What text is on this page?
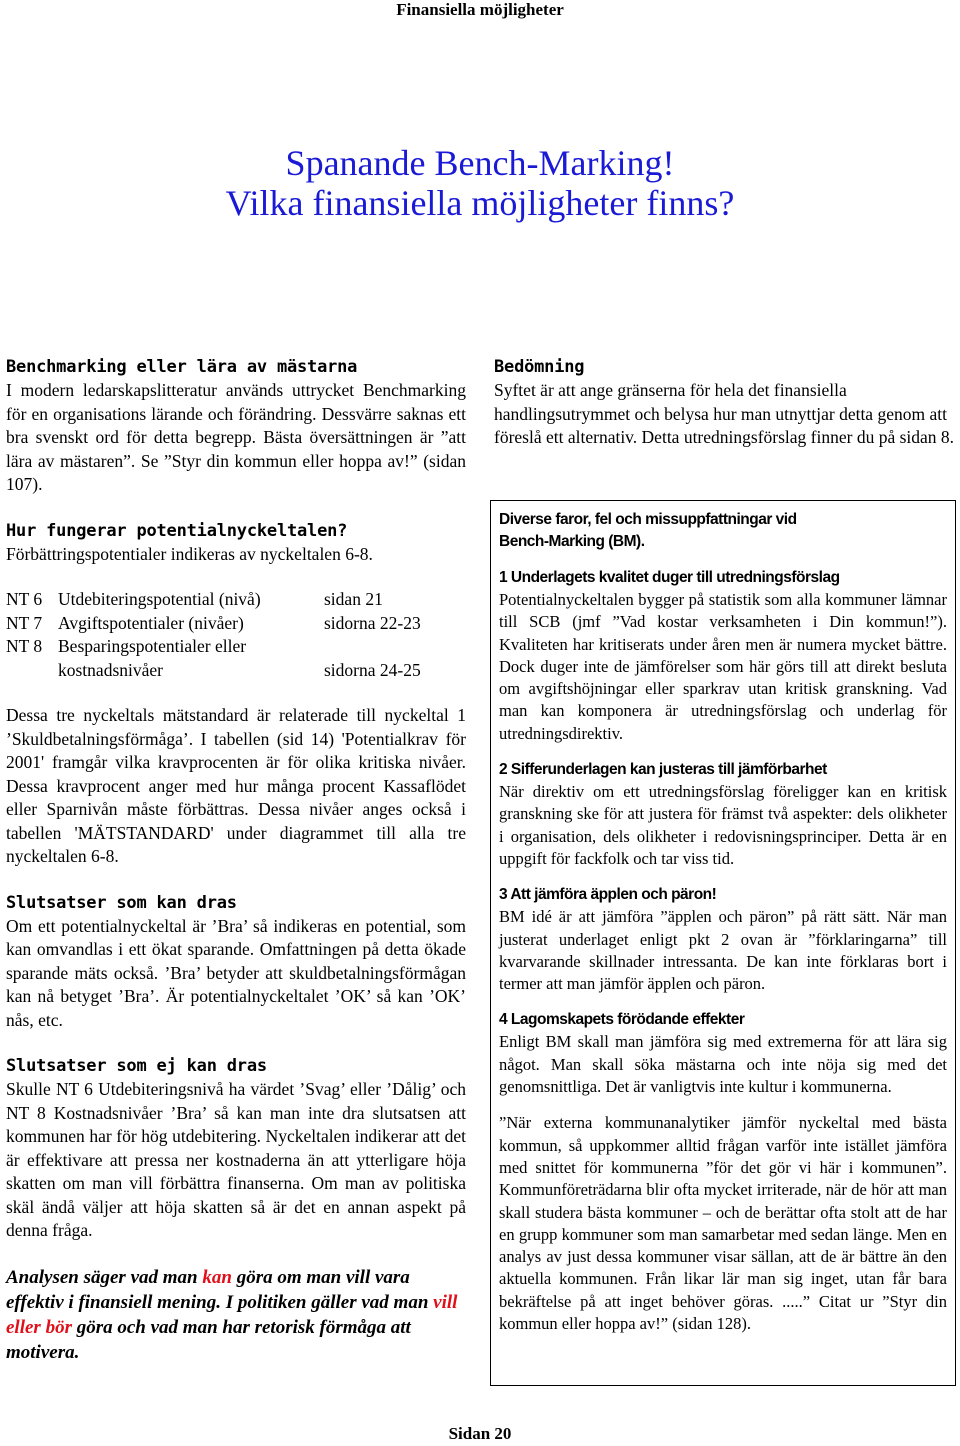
Finansiella möjligheter
Spanande Bench-Marking!
Vilka finansiella möjligheter finns?
Benchmarking eller lära av mästarna

I modern ledarskapslitteratur används uttrycket Benchmarking för en organisations lärande och förändring. Dessvärre saknas ett bra svenskt ord för detta begrepp. Bästa översättningen är ”att lära av mästaren”. Se ”Styr din kommun eller hoppa av!” (sidan 107).

Hur fungerar potentialnyckeltalen?

Förbättringspotentialer indikeras av nyckeltalen 6-8.

NT 6	Utdebiteringspotential (nivå)	sidan 21
NT 7	Avgiftspotentialer (nivåer)	sidorna 22-23
NT 8	Besparingspotentialer eller	
	kostnadsnivåer	sidorna 24-25

Dessa tre nyckeltals mätstandard är relaterade till nyckeltal 1 ’Skuldbetalningsförmåga’. I tabellen (sid 14) 'Potentialkrav för 2001' framgår vilka kravprocenten är för olika kritiska nivåer. Dessa kravprocent anger med hur många procent Kassaflödet eller Sparnivån måste förbättras. Dessa nivåer anges också i tabellen 'MÄTSTANDARD' under diagrammet till alla tre nyckeltalen 6-8.

Slutsatser som kan dras

Om ett potentialnyckeltal är ’Bra’ så indikeras en potential, som kan omvandlas i ett ökat sparande. Omfattningen på detta ökade sparande mäts också. ’Bra’ betyder att skuldbetalningsförmågan kan nå betyget ’Bra’. Är potentialnyckeltalet ’OK’ så kan ’OK’ nås, etc.

Slutsatser som ej kan dras

Skulle NT 6 Utdebiteringsnivå ha värdet ’Svag’ eller ’Dålig’ och NT 8 Kostnadsnivåer ’Bra’ så kan man inte dra slutsatsen att kommunen har för hög utdebitering. Nyckeltalen indikerar att det är effektivare att pressa ner kostnaderna än att ytterligare höja skatten om man vill förbättra finanserna. Om man av politiska skäl ändå väljer att höja skatten så är det en annan aspekt på denna fråga.

Analysen säger vad man kan göra om man vill vara effektiv i finansiell mening. I politiken gäller vad man vill eller bör göra och vad man har retorisk förmåga att motivera.

Bedömning

Syftet är att ange gränserna för hela det finansiella handlingsutrymmet och belysa hur man utnyttjar detta genom att föreslå ett alternativ. Detta utredningsförslag finner du på sidan 8.

Diverse faror, fel och missuppfattningar vid Bench-Marking (BM).

1 Underlagets kvalitet duger till utredningsförslag

Potentialnyckeltalen bygger på statistik som alla kommuner lämnar till SCB (jmf ”Vad kostar verksamheten i Din kommun!”). Kvaliteten har kritiserats under åren men är numera mycket bättre. Dock duger inte de jämförelser som här görs till att direkt besluta om avgiftshöjningar eller sparkrav utan kritisk granskning. Vad man kan komponera är utredningsförslag och underlag för utredningsdirektiv.

2 Sifferunderlagen kan justeras till jämförbarhet

När direktiv om ett utredningsförslag föreligger kan en kritisk granskning ske för att justera för främst två aspekter: dels olikheter i organisation, dels olikheter i redovisningsprinciper. Detta är en uppgift för fackfolk och tar viss tid.

3 Att jämföra äpplen och päron!

BM idé är att jämföra ”äpplen och päron” på rätt sätt. När man justerat underlaget enligt pkt 2 ovan är ”förklaringarna” till kvarvarande skillnader intressanta. De kan inte förklaras bort i termer att man jämför äpplen och päron.

4 Lagomskapets förödande effekter

Enligt BM skall man jämföra sig med extremerna för att lära sig något. Man skall söka mästarna och inte nöja sig med det genomsnittliga. Det är vanligtvis inte kultur i kommunerna.

”När externa kommunanalytiker jämför nyckeltal med bästa kommun, så uppkommer alltid frågan varför inte istället jämföra med snittet för kommunerna ”för det gör vi här i kommunen”. Kommunföreträdarna blir ofta mycket irriterade, när de hör att man skall studera bästa kommuner – och de berättar ofta stolt att de har en grupp kommuner som man samarbetar med sedan länge. Men en analys av just dessa kommuner visar sällan, att de är bättre än den aktuella kommunen. Från likar lär man sig inget, utan får bara bekräftelse på att inget behöver göras. .....” Citat ur ”Styr din kommun eller hoppa av!” (sidan 128).

Sidan 20
